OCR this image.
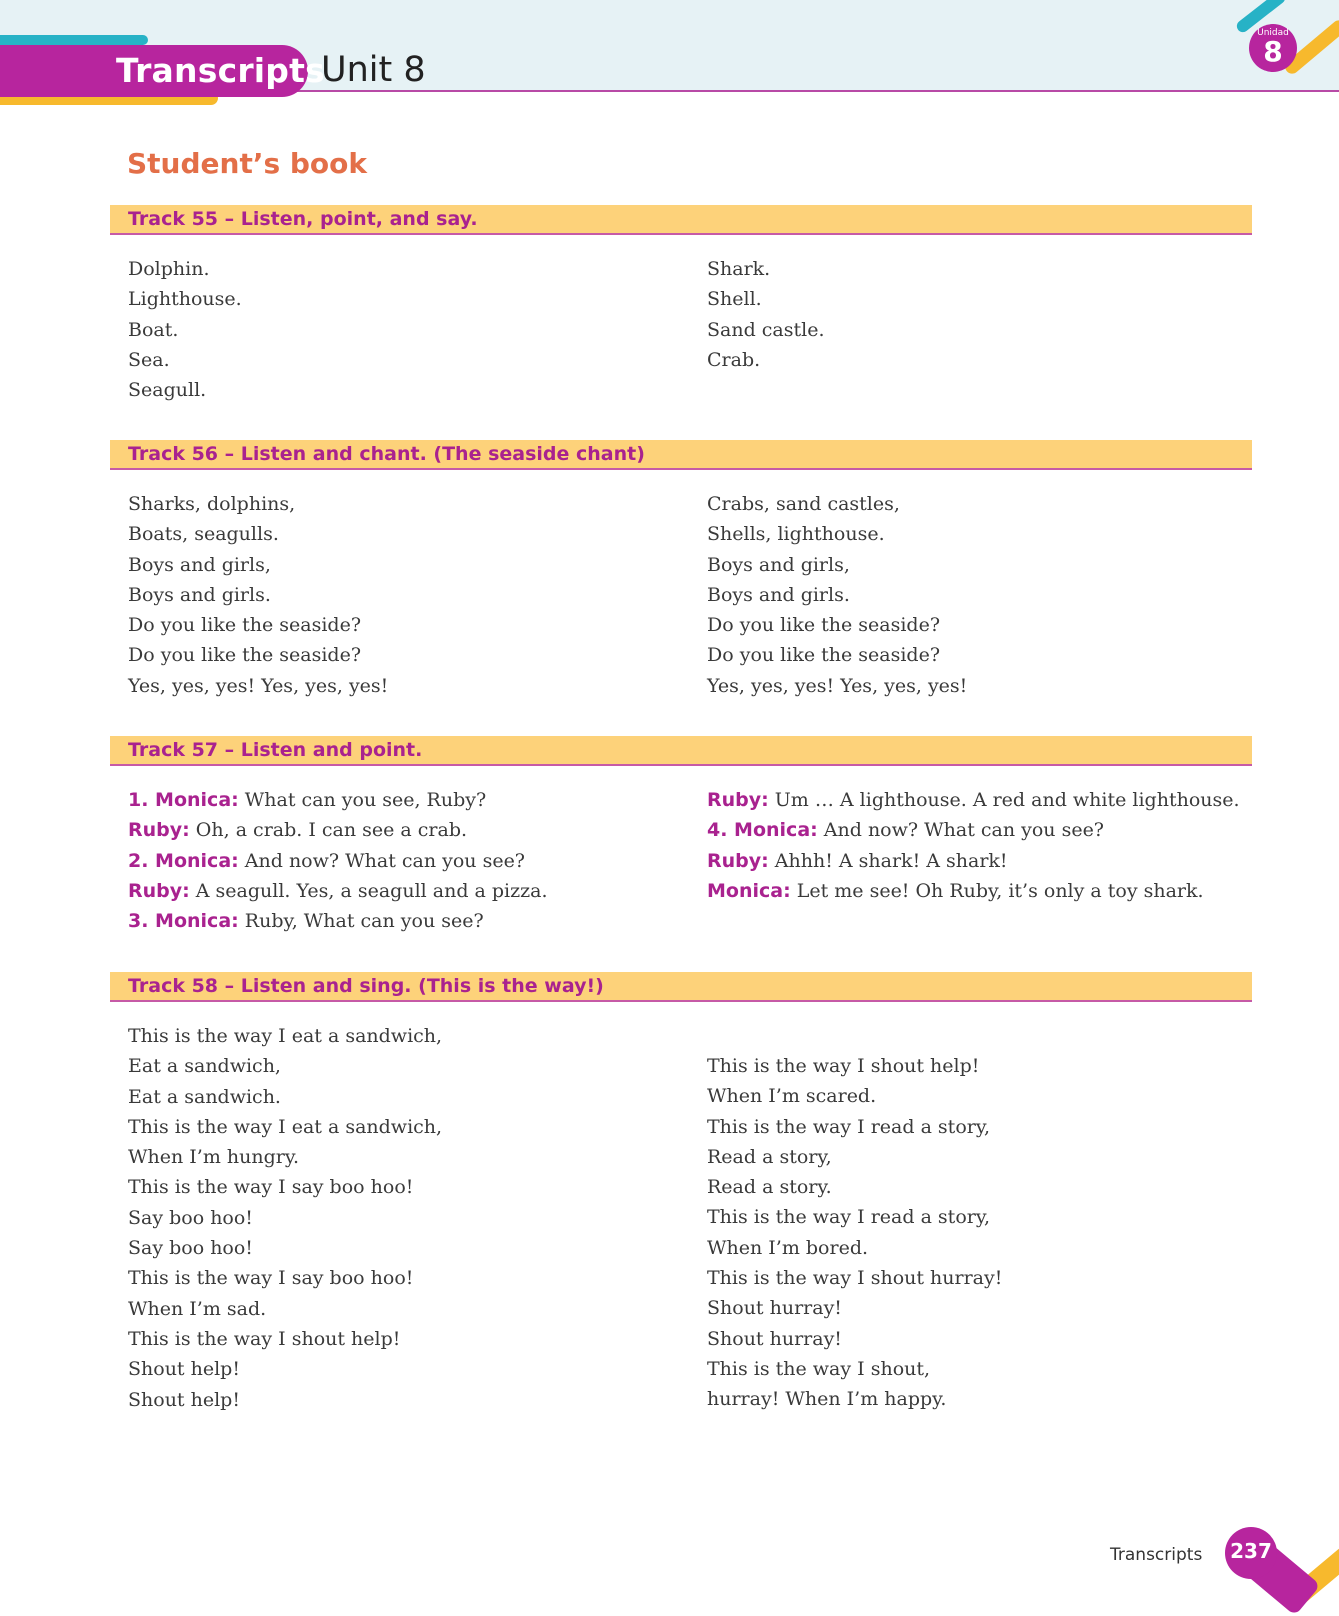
Transcripts
Unit 8
Unidad
8
Student’s book
Track 55 – Listen, point, and say.
Dolphin.
Lighthouse.
Boat.
Sea.
Seagull.
Shark.
Shell.
Sand castle.
Crab.
Track 56 – Listen and chant. (The seaside chant)
Sharks, dolphins,
Boats, seagulls.
Boys and girls,
Boys and girls.
Do you like the seaside?
Do you like the seaside?
Yes, yes, yes! Yes, yes, yes!
Crabs, sand castles,
Shells, lighthouse.
Boys and girls,
Boys and girls.
Do you like the seaside?
Do you like the seaside?
Yes, yes, yes! Yes, yes, yes!
Track 57 – Listen and point.
1. Monica: What can you see, Ruby?
Ruby: Oh, a crab. I can see a crab.
2. Monica: And now? What can you see?
Ruby: A seagull. Yes, a seagull and a pizza.
3. Monica: Ruby, What can you see?
Ruby: Um … A lighthouse. A red and white lighthouse.
4. Monica: And now? What can you see?
Ruby: Ahhh! A shark! A shark!
Monica: Let me see! Oh Ruby, it’s only a toy shark.
Track 58 – Listen and sing. (This is the way!)
This is the way I eat a sandwich,
Eat a sandwich,
Eat a sandwich.
This is the way I eat a sandwich,
When I’m hungry.
This is the way I say boo hoo!
Say boo hoo!
Say boo hoo!
This is the way I say boo hoo!
When I’m sad.
This is the way I shout help!
Shout help!
Shout help!
This is the way I shout help!
When I’m scared.
This is the way I read a story,
Read a story,
Read a story.
This is the way I read a story,
When I’m bored.
This is the way I shout hurray!
Shout hurray!
Shout hurray!
This is the way I shout,
hurray! When I’m happy.
Transcripts	237
